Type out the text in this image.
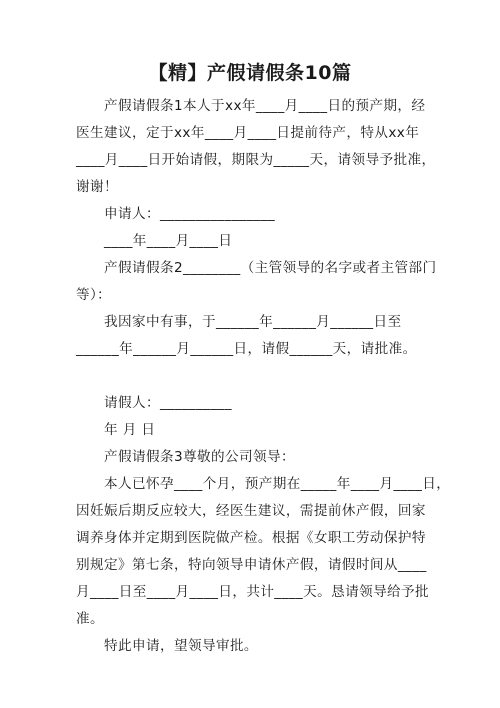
【精】产假请假条10篇
产假请假条1本人于xx年____月____日的预产期，经
医生建议，定于xx年____月____日提前待产，特从xx年
____月____日开始请假，期限为_____天，请领导予批准，
谢谢！
申请人：________________
____年____月____日
产假请假条2________（主管领导的名字或者主管部门
等）：
我因家中有事，于______年______月______日至
______年______月______日，请假______天，请批准。
请假人：__________
年 月 日
产假请假条3尊敬的公司领导：
本人已怀孕____个月，预产期在_____年____月____日，
因妊娠后期反应较大，经医生建议，需提前休产假，回家
调养身体并定期到医院做产检。根据《女职工劳动保护特
别规定》第七条，特向领导申请休产假，请假时间从____
月____日至____月____日，共计____天。恳请领导给予批
准。
特此申请，望领导审批。
